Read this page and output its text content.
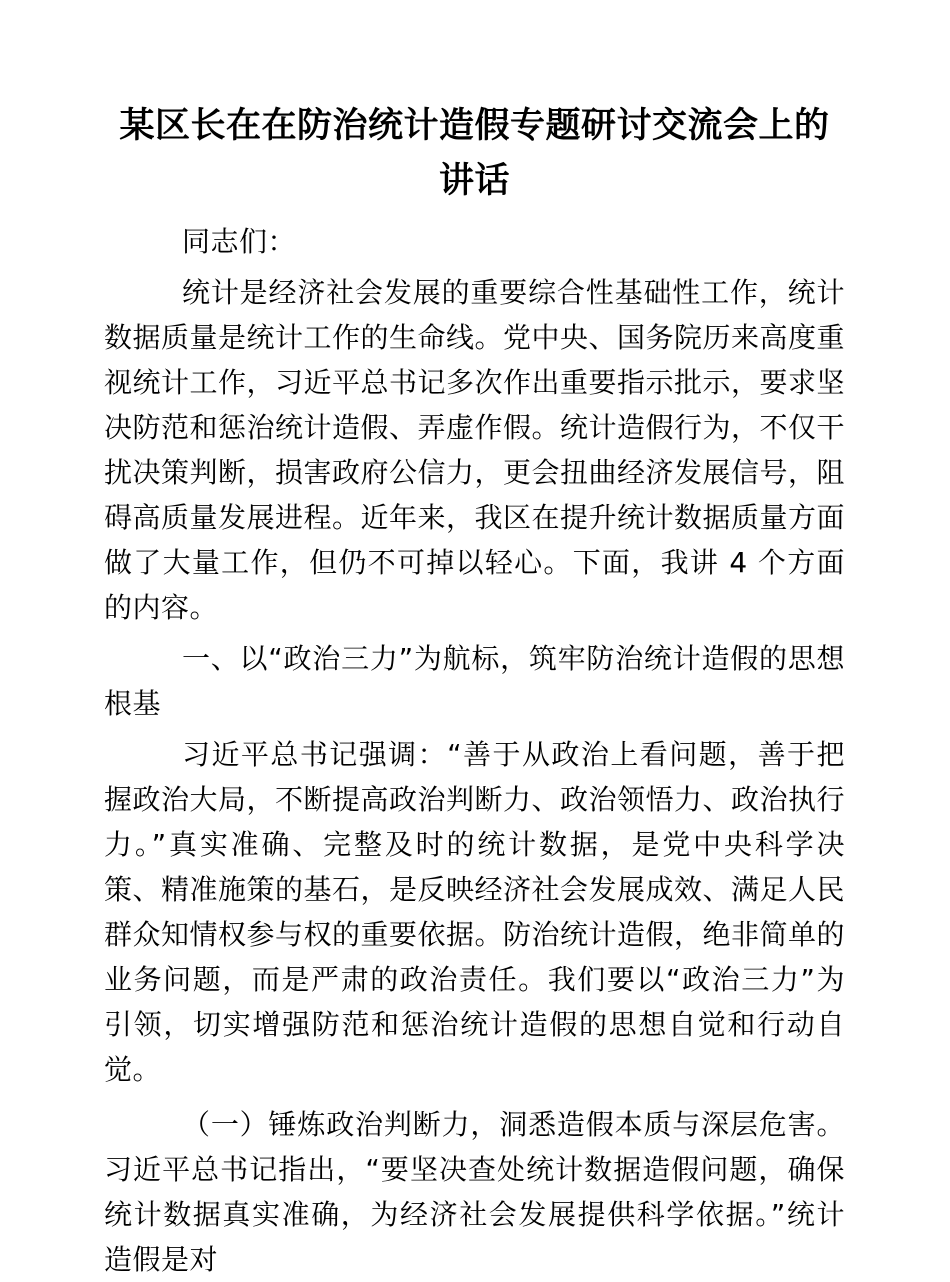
某区长在在防治统计造假专题研讨交流会上的讲话

同志们：

统计是经济社会发展的重要综合性基础性工作，统计数据质量是统计工作的生命线。党中央、国务院历来高度重视统计工作，习近平总书记多次作出重要指示批示，要求坚决防范和惩治统计造假、弄虚作假。统计造假行为，不仅干扰决策判断，损害政府公信力，更会扭曲经济发展信号，阻碍高质量发展进程。近年来，我区在提升统计数据质量方面做了大量工作，但仍不可掉以轻心。下面，我讲 4 个方面的内容。

一、以“政治三力”为航标，筑牢防治统计造假的思想根基

习近平总书记强调：“善于从政治上看问题，善于把握政治大局，不断提高政治判断力、政治领悟力、政治执行力。”真实准确、完整及时的统计数据，是党中央科学决策、精准施策的基石，是反映经济社会发展成效、满足人民群众知情权参与权的重要依据。防治统计造假，绝非简单的业务问题，而是严肃的政治责任。我们要以“政治三力”为引领，切实增强防范和惩治统计造假的思想自觉和行动自觉。

（一）锤炼政治判断力，洞悉造假本质与深层危害。习近平总书记指出，“要坚决查处统计数据造假问题，确保统计数据真实准确，为经济社会发展提供科学依据。”统计造假是对
